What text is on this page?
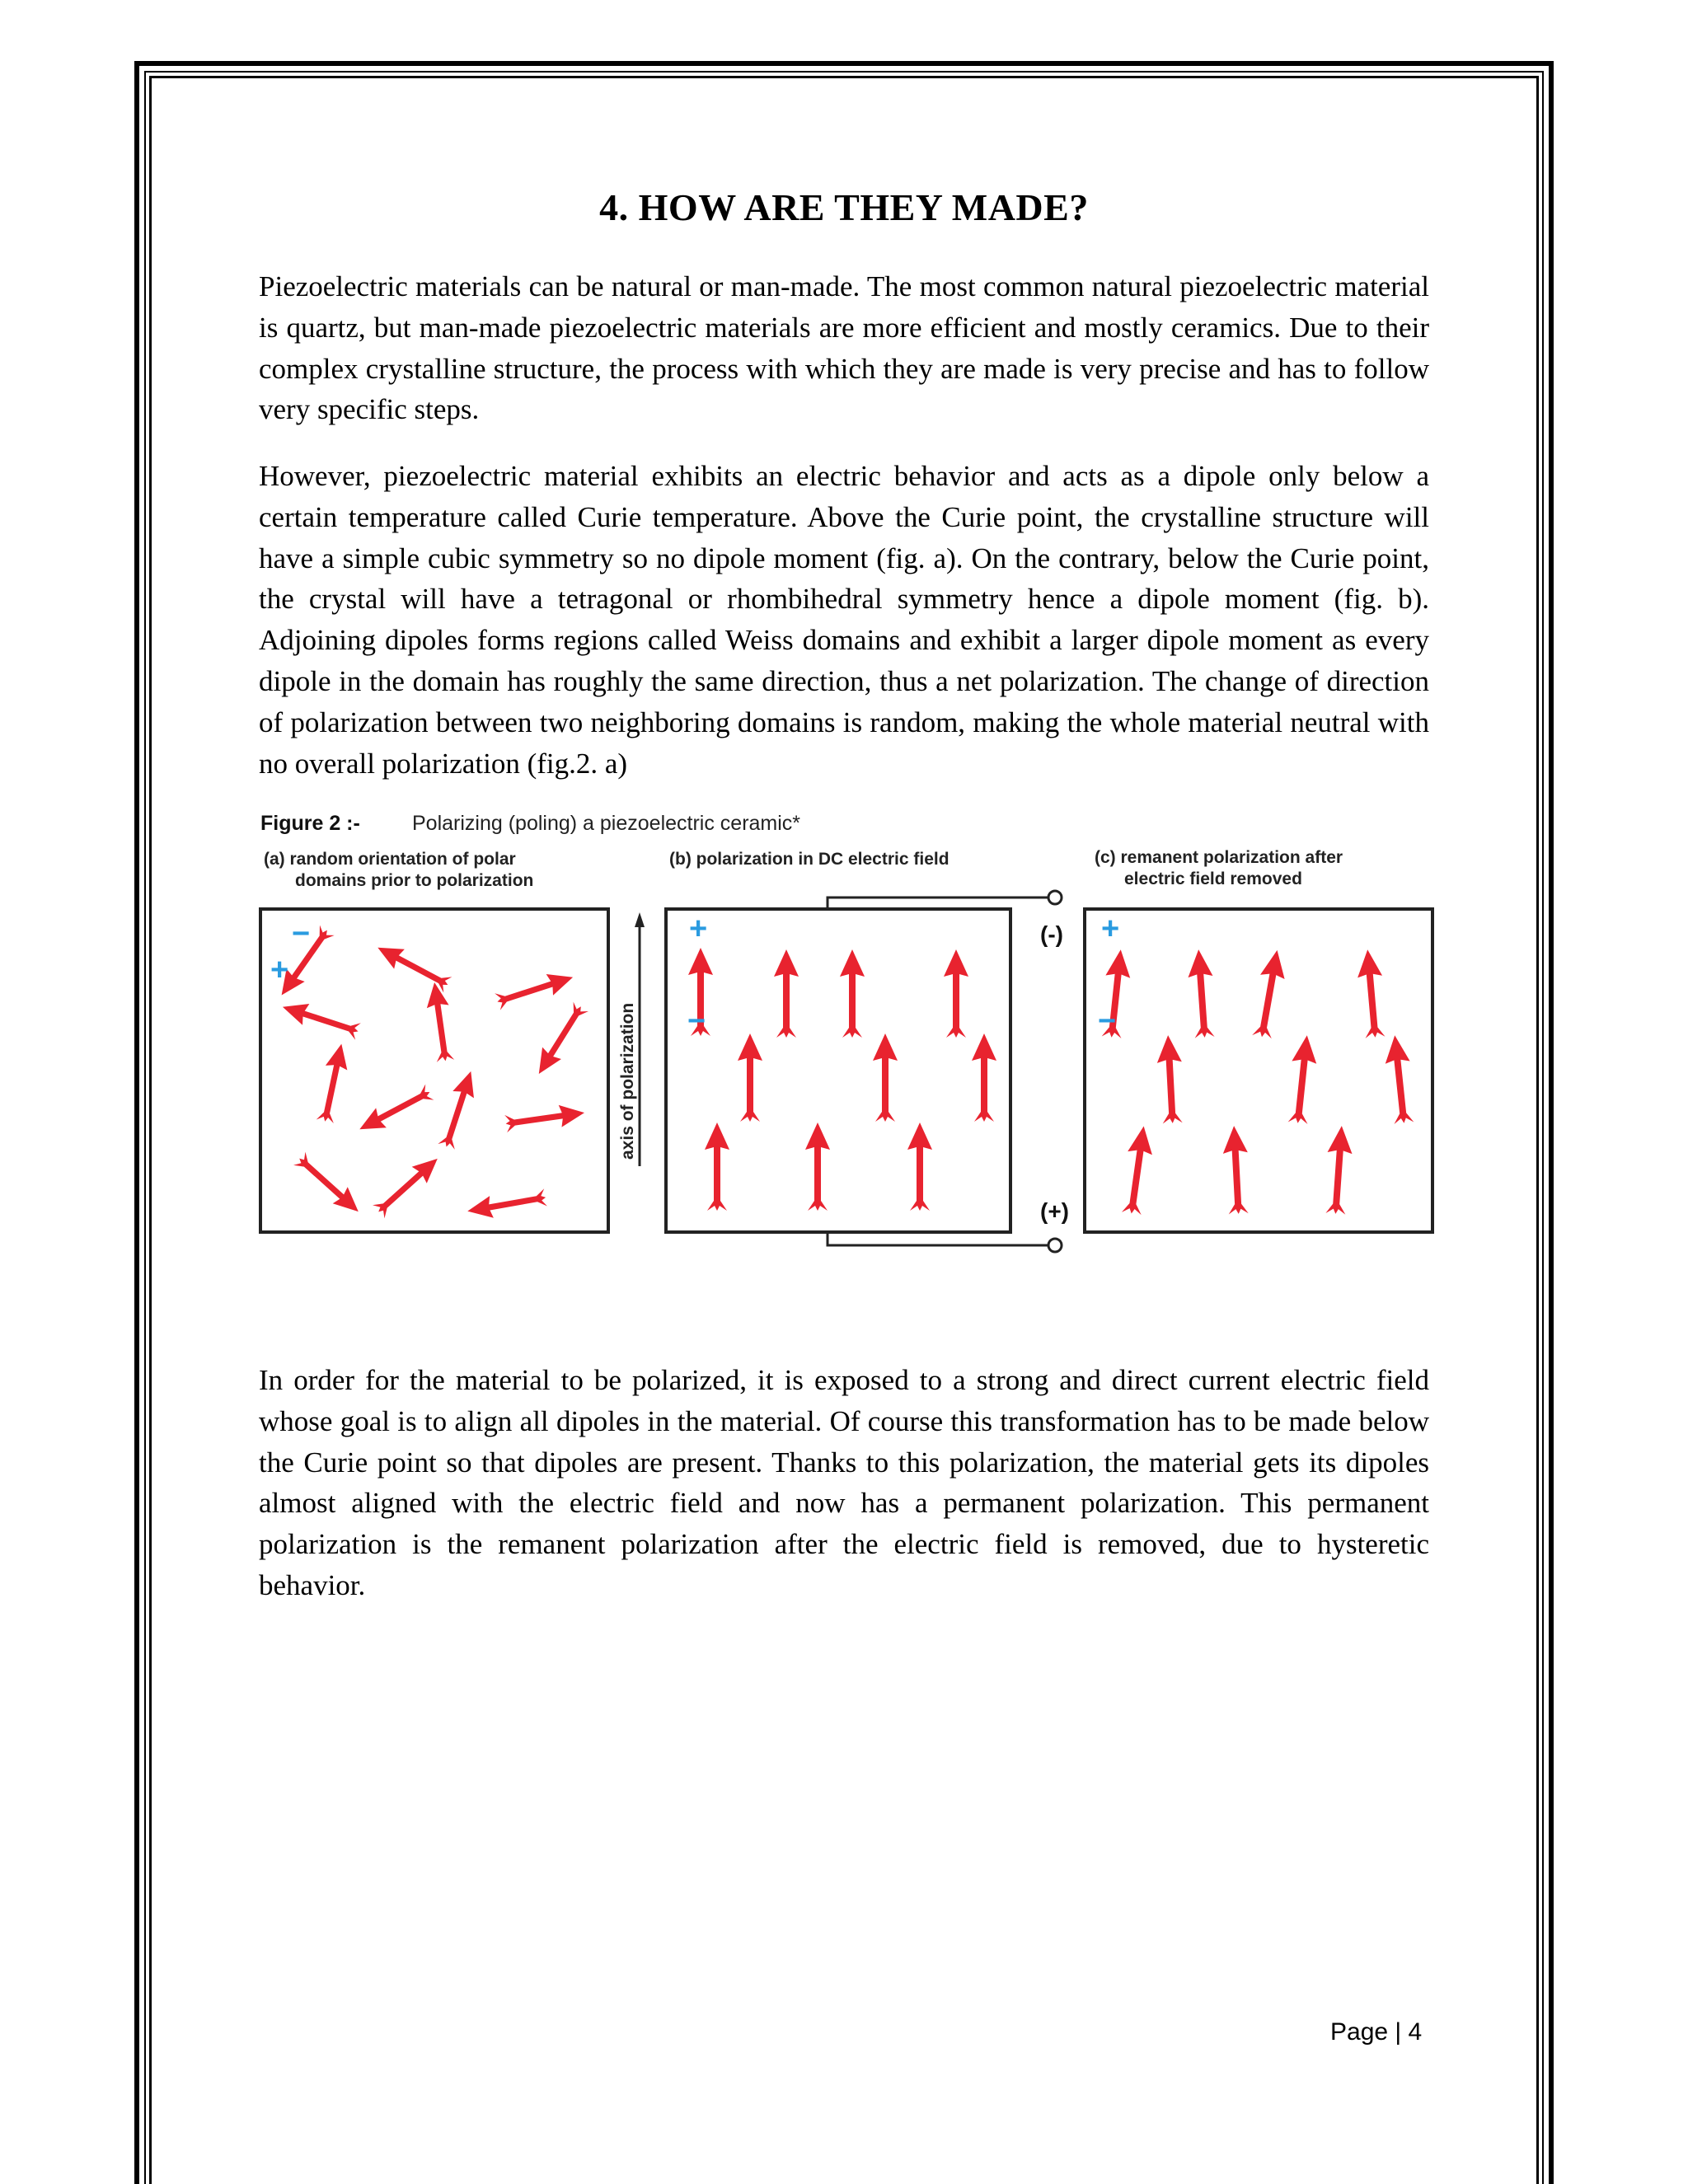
4. HOW ARE THEY MADE?
Piezoelectric materials can be natural or man-made. The most common natural piezoelectric material is quartz, but man-made piezoelectric materials are more efficient and mostly ceramics. Due to their complex crystalline structure, the process with which they are made is very precise and has to follow very specific steps.
However, piezoelectric material exhibits an electric behavior and acts as a dipole only below a certain temperature called Curie temperature. Above the Curie point, the crystalline structure will have a simple cubic symmetry so no dipole moment (fig. a). On the contrary, below the Curie point, the crystal will have a tetragonal or rhombihedral symmetry hence a dipole moment (fig. b). Adjoining dipoles forms regions called Weiss domains and exhibit a larger dipole moment as every dipole in the domain has roughly the same direction, thus a net polarization. The change of direction of polarization between two neighboring domains is random, making the whole material neutral with no overall polarization (fig.2. a)
Figure 2 :-	Polarizing (poling) a piezoelectric ceramic*
(a) random orientation of polar
domains prior to polarization
(b) polarization in DC electric field	(c) remanent polarization after
electric field removed
axis of polarization
(-)
(+)
−
+
+
−
+
−
In order for the material to be polarized, it is exposed to a strong and direct current electric field whose goal is to align all dipoles in the material. Of course this transformation has to be made below the Curie point so that dipoles are present. Thanks to this polarization, the material gets its dipoles almost aligned with the electric field and now has a permanent polarization. This permanent polarization is the remanent polarization after the electric field is removed, due to hysteretic behavior.
Page | 4
